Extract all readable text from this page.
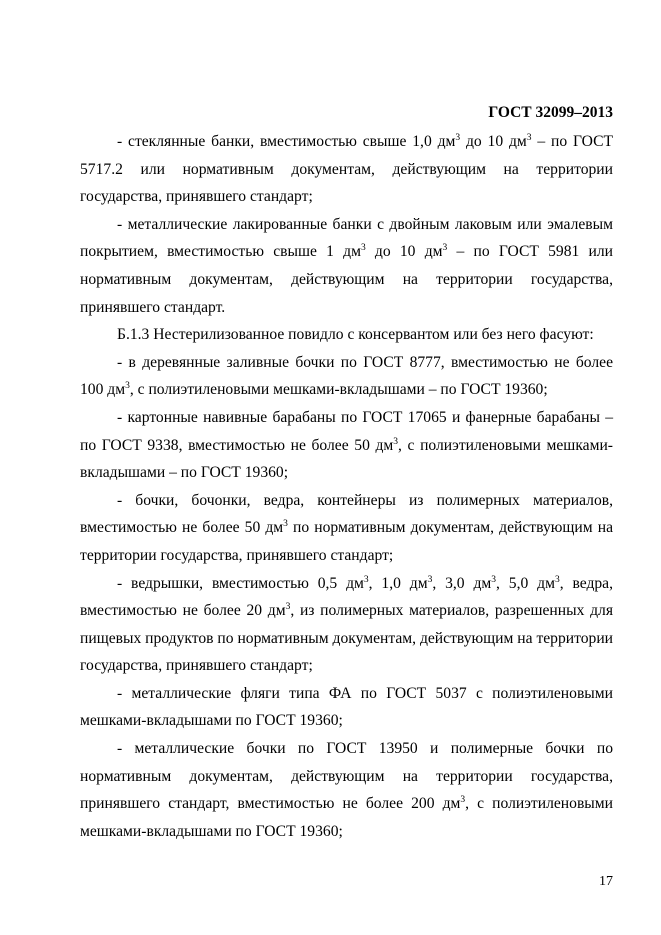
ГОСТ 32099–2013

- стеклянные банки, вместимостью свыше 1,0 $дм^3$ до 10 $дм^3$ – по ГОСТ 5717.2 или нормативным документам, действующим на территории государства, принявшего стандарт;

- металлические лакированные банки с двойным лаковым или эмалевым покрытием, вместимостью свыше 1 $дм^3$ до 10 $дм^3$ – по ГОСТ 5981 или нормативным документам, действующим на территории государства, принявшего стандарт.

Б.1.3 Нестерилизованное повидло с консервантом или без него фасуют:

- в деревянные заливные бочки по ГОСТ 8777, вместимостью не более 100 $дм^3$, с полиэтиленовыми мешками-вкладышами – по ГОСТ 19360;

- картонные навивные барабаны по ГОСТ 17065 и фанерные барабаны – по ГОСТ 9338, вместимостью не более 50 $дм^3$, с полиэтиленовыми мешками-вкладышами – по ГОСТ 19360;

- бочки, бочонки, ведра, контейнеры из полимерных материалов, вместимостью не более 50 $дм^3$ по нормативным документам, действующим на территории государства, принявшего стандарт;

- ведрышки, вместимостью 0,5 $дм^3$, 1,0 $дм^3$, 3,0 $дм^3$, 5,0 $дм^3$, ведра, вместимостью не более 20 $дм^3$, из полимерных материалов, разрешенных для пищевых продуктов по нормативным документам, действующим на территории государства, принявшего стандарт;

- металлические фляги типа ФА по ГОСТ 5037 с полиэтиленовыми мешками-вкладышами по ГОСТ 19360;

- металлические бочки по ГОСТ 13950 и полимерные бочки по нормативным документам, действующим на территории государства, принявшего стандарт, вместимостью не более 200 $дм^3$, с полиэтиленовыми мешками-вкладышами по ГОСТ 19360;

17
